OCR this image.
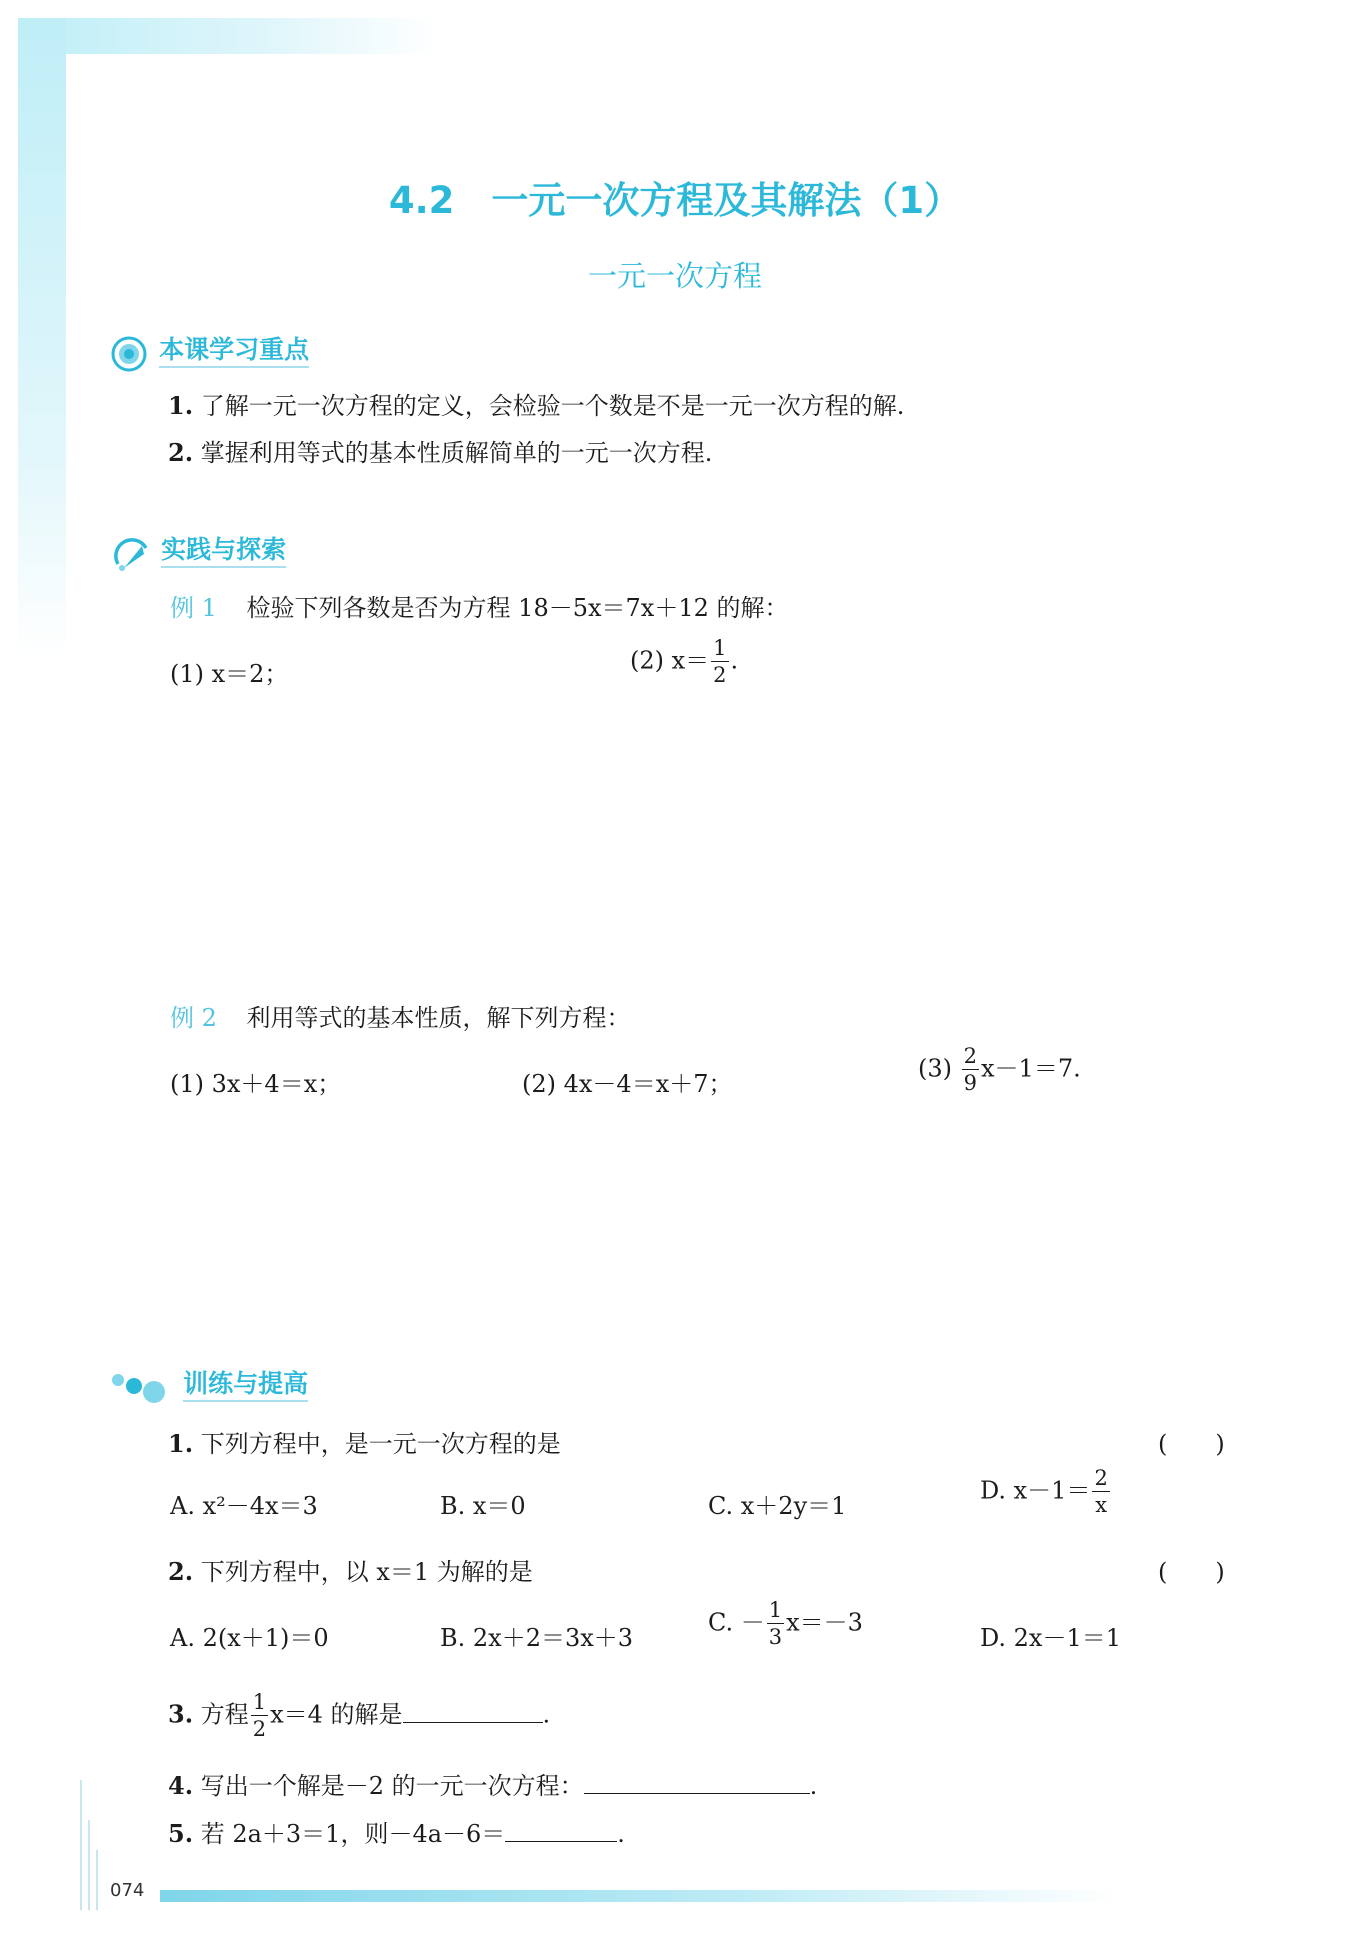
4.2　一元一次方程及其解法（1）
一元一次方程
本课学习重点
1. 了解一元一次方程的定义，会检验一个数是不是一元一次方程的解.
2. 掌握利用等式的基本性质解简单的一元一次方程.
实践与探索
例 1 检验下列各数是否为方程 18－5x＝7x＋12 的解：
(1) x＝2；	(2) $x= \frac{1}{2}$ .
例 2 利用等式的基本性质，解下列方程：
(1) 3x＋4＝x；	(2) 4x－4＝x＋7；
$(3) \frac{2}{9} x-1=7$.
训练与提高
1. 下列方程中，是一元一次方程的是	(　　)
A. x²－4x＝3	B. x＝0	C. x＋2y＝1
D. $x-1= \frac{2}{x}$
2. 下列方程中，以 x＝1 为解的是	(　　)
A. 2(x＋1)＝0	B. 2x＋2＝3x＋3
C. － $\frac{1}{3} x=-3$
D. 2x－1＝1
3. 方程 $\frac{1}{2} x=4$ 的解是	.
4. 写出一个解是－2 的一元一次方程：	.
5. 若 2a＋3＝1，则－4a－6＝	.
074
